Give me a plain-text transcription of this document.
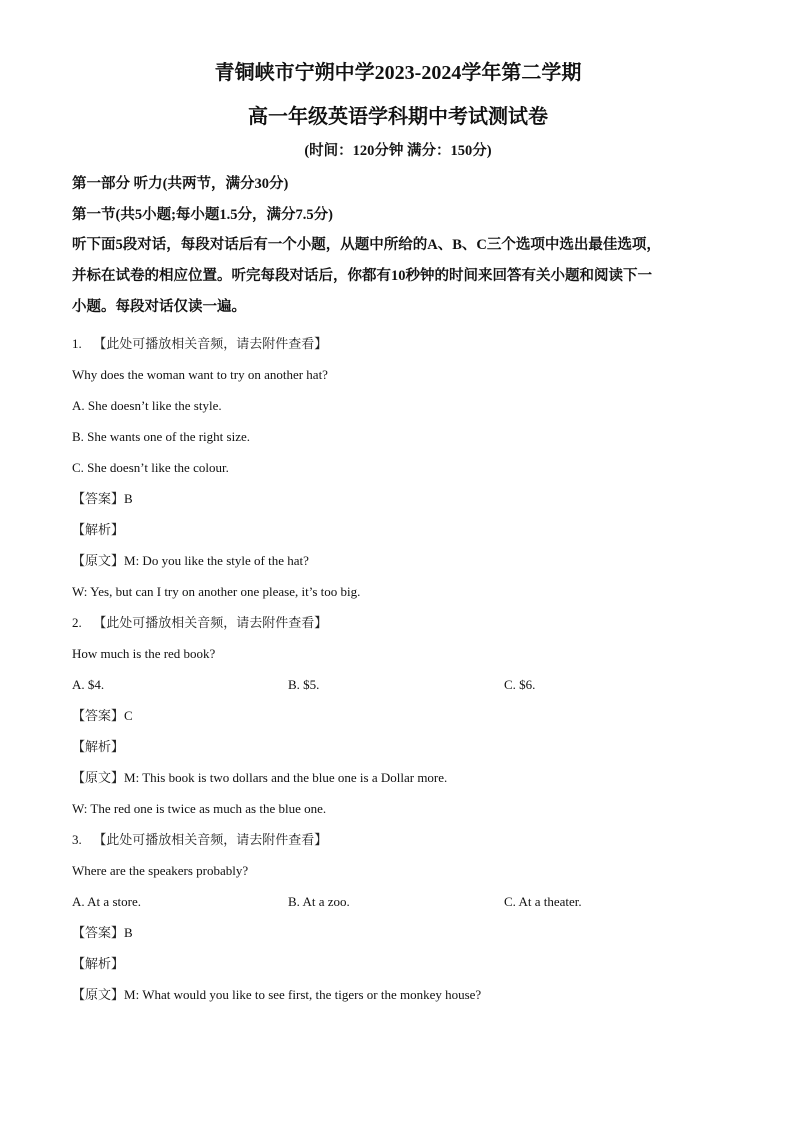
青铜峡市宁朔中学2023-2024学年第二学期
高一年级英语学科期中考试测试卷
(时间：120分钟 满分：150分)
第一部分 听力(共两节，满分30分)
第一节(共5小题;每小题1.5分，满分7.5分)
听下面5段对话，每段对话后有一个小题，从题中所给的A、B、C三个选项中选出最佳选项，
并标在试卷的相应位置。听完每段对话后，你都有10秒钟的时间来回答有关小题和阅读下一
小题。每段对话仅读一遍。
1. 【此处可播放相关音频，请去附件查看】
Why does the woman want to try on another hat?
A. She doesn’t like the style.
B. She wants one of the right size.
C. She doesn’t like the colour.
【答案】B
【解析】
【原文】M: Do you like the style of the hat?
W: Yes, but can I try on another one please, it’s too big.
2. 【此处可播放相关音频，请去附件查看】
How much is the red book?
A. $4.	B. $5.	C. $6.
【答案】C
【解析】
【原文】M: This book is two dollars and the blue one is a Dollar more.
W: The red one is twice as much as the blue one.
3. 【此处可播放相关音频，请去附件查看】
Where are the speakers probably?
A. At a store.	B. At a zoo.	C. At a theater.
【答案】B
【解析】
【原文】M: What would you like to see first, the tigers or the monkey house?
